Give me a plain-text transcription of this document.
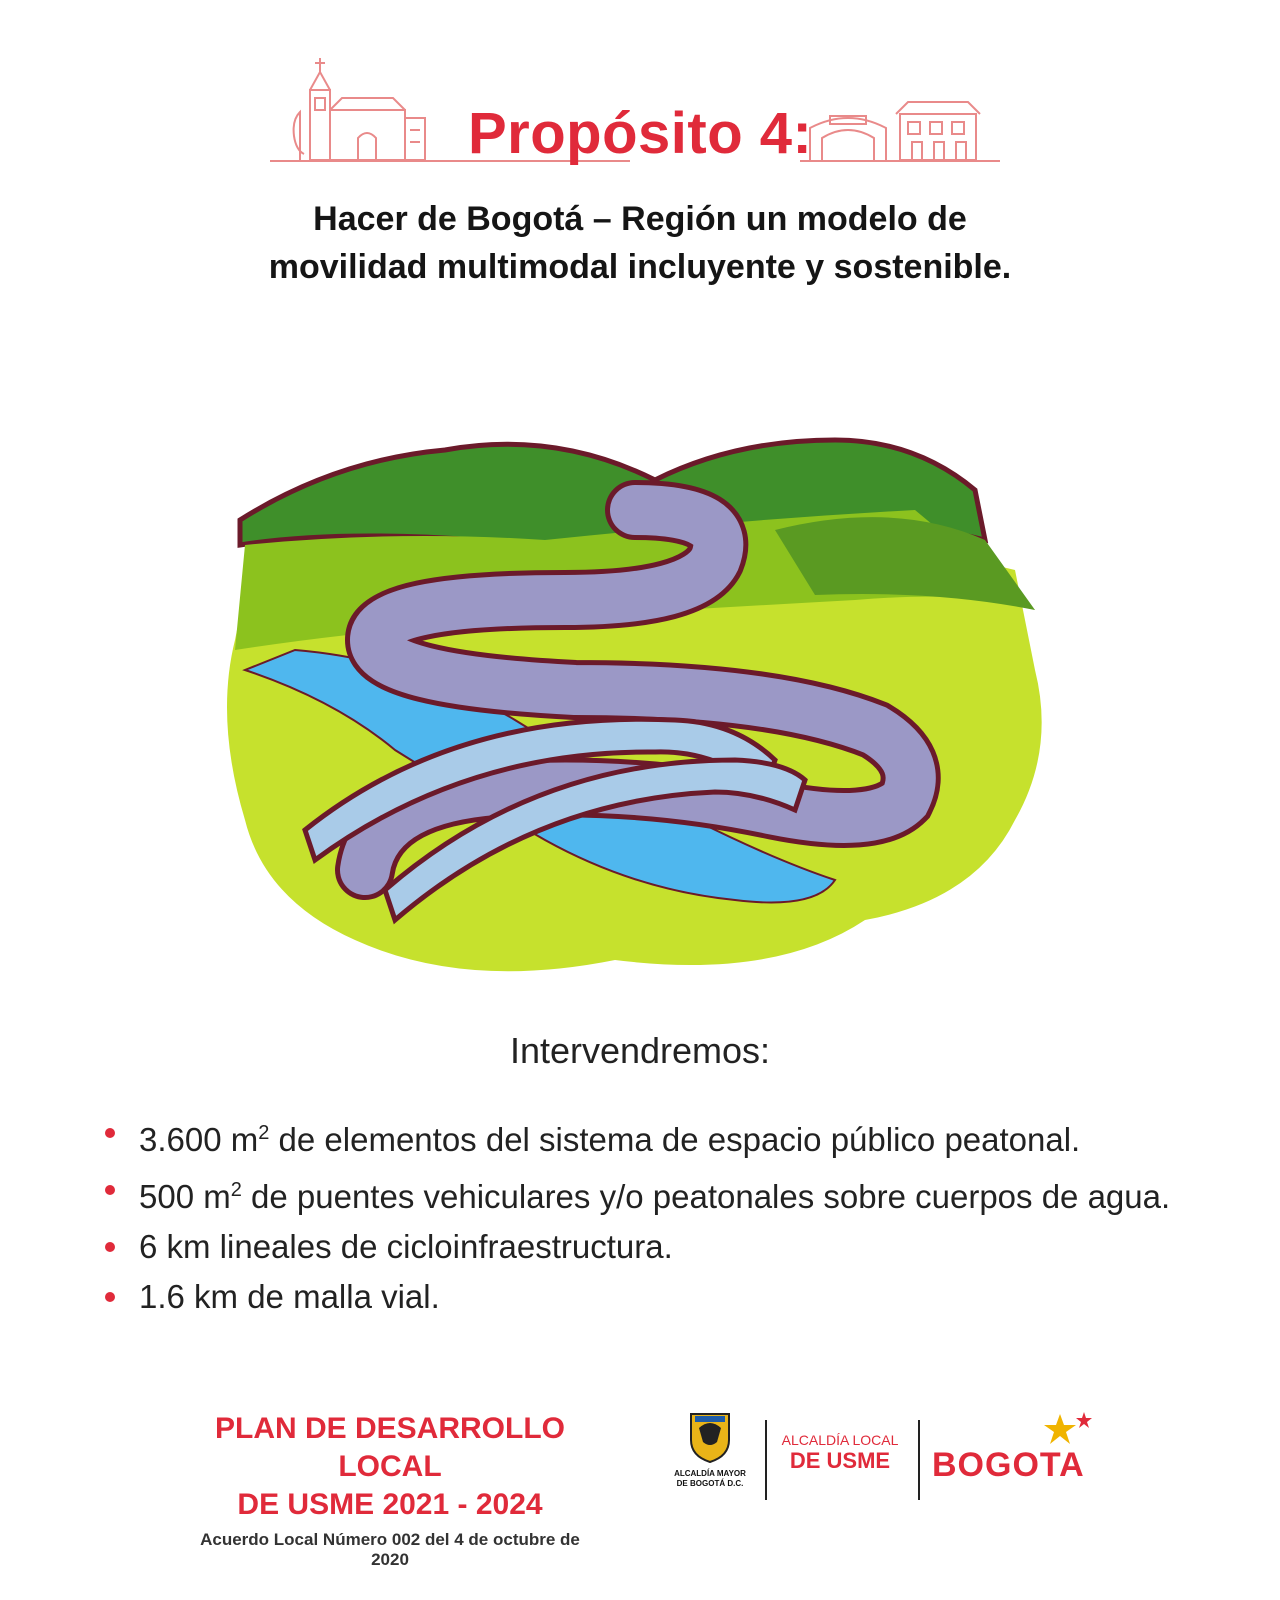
Propósito 4:
Hacer de Bogotá – Región un modelo de
movilidad multimodal incluyente y sostenible.
Intervendremos:
3.600 $m^2$ de elementos del sistema de espacio público peatonal.
500 $m^2$ de puentes vehiculares y/o peatonales sobre cuerpos de agua.
6 km lineales de cicloinfraestructura.
1.6 km de malla vial.
PLAN DE DESARROLLO LOCAL
DE USME 2021 - 2024
Acuerdo Local Número 002 del 4 de octubre de 2020
ALCALDÍA MAYOR
DE BOGOTÁ D.C.
ALCALDÍA LOCAL
DE USME	BOGOTA
